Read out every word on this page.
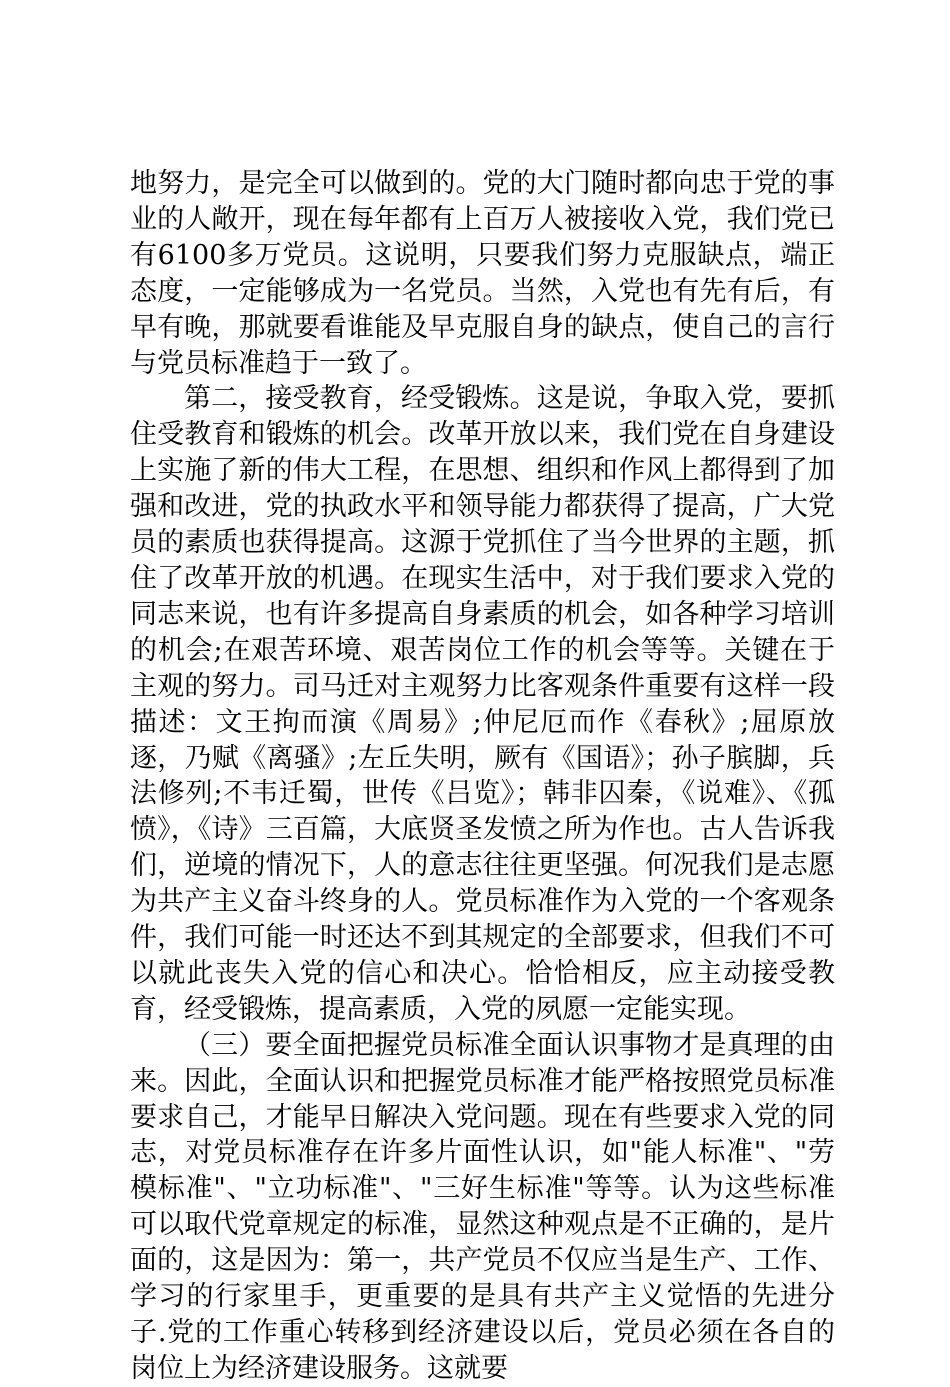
地努力，是完全可以做到的。党的大门随时都向忠于党的事业的人敞开，现在每年都有上百万人被接收入党，我们党已有6100多万党员。这说明，只要我们努力克服缺点，端正态度，一定能够成为一名党员。当然，入党也有先有后，有早有晚，那就要看谁能及早克服自身的缺点，使自己的言行与党员标准趋于一致了。

第二，接受教育，经受锻炼。这是说，争取入党，要抓住受教育和锻炼的机会。改革开放以来，我们党在自身建设上实施了新的伟大工程，在思想、组织和作风上都得到了加强和改进，党的执政水平和领导能力都获得了提高，广大党员的素质也获得提高。这源于党抓住了当今世界的主题，抓住了改革开放的机遇。在现实生活中，对于我们要求入党的同志来说，也有许多提高自身素质的机会，如各种学习培训的机会;在艰苦环境、艰苦岗位工作的机会等等。关键在于主观的努力。司马迁对主观努力比客观条件重要有这样一段描述：文王拘而演《周易》;仲尼厄而作《春秋》;屈原放逐，乃赋《离骚》;左丘失明，厥有《国语》；孙子膑脚，兵法修列;不韦迁蜀，世传《吕览》；韩非囚秦，《说难》、《孤愤》，《诗》三百篇，大底贤圣发愤之所为作也。古人告诉我们，逆境的情况下，人的意志往往更坚强。何况我们是志愿为共产主义奋斗终身的人。党员标准作为入党的一个客观条件，我们可能一时还达不到其规定的全部要求，但我们不可以就此丧失入党的信心和决心。恰恰相反，应主动接受教育，经受锻炼，提高素质，入党的夙愿一定能实现。

（三）要全面把握党员标准全面认识事物才是真理的由来。因此，全面认识和把握党员标准才能严格按照党员标准要求自己，才能早日解决入党问题。现在有些要求入党的同志，对党员标准存在许多片面性认识，如"能人标准"、"劳模标准"、"立功标准"、"三好生标准"等等。认为这些标准可以取代党章规定的标准，显然这种观点是不正确的，是片面的，这是因为：第一，共产党员不仅应当是生产、工作、学习的行家里手，更重要的是具有共产主义觉悟的先进分子.党的工作重心转移到经济建设以后，党员必须在各自的岗位上为经济建设服务。这就要
